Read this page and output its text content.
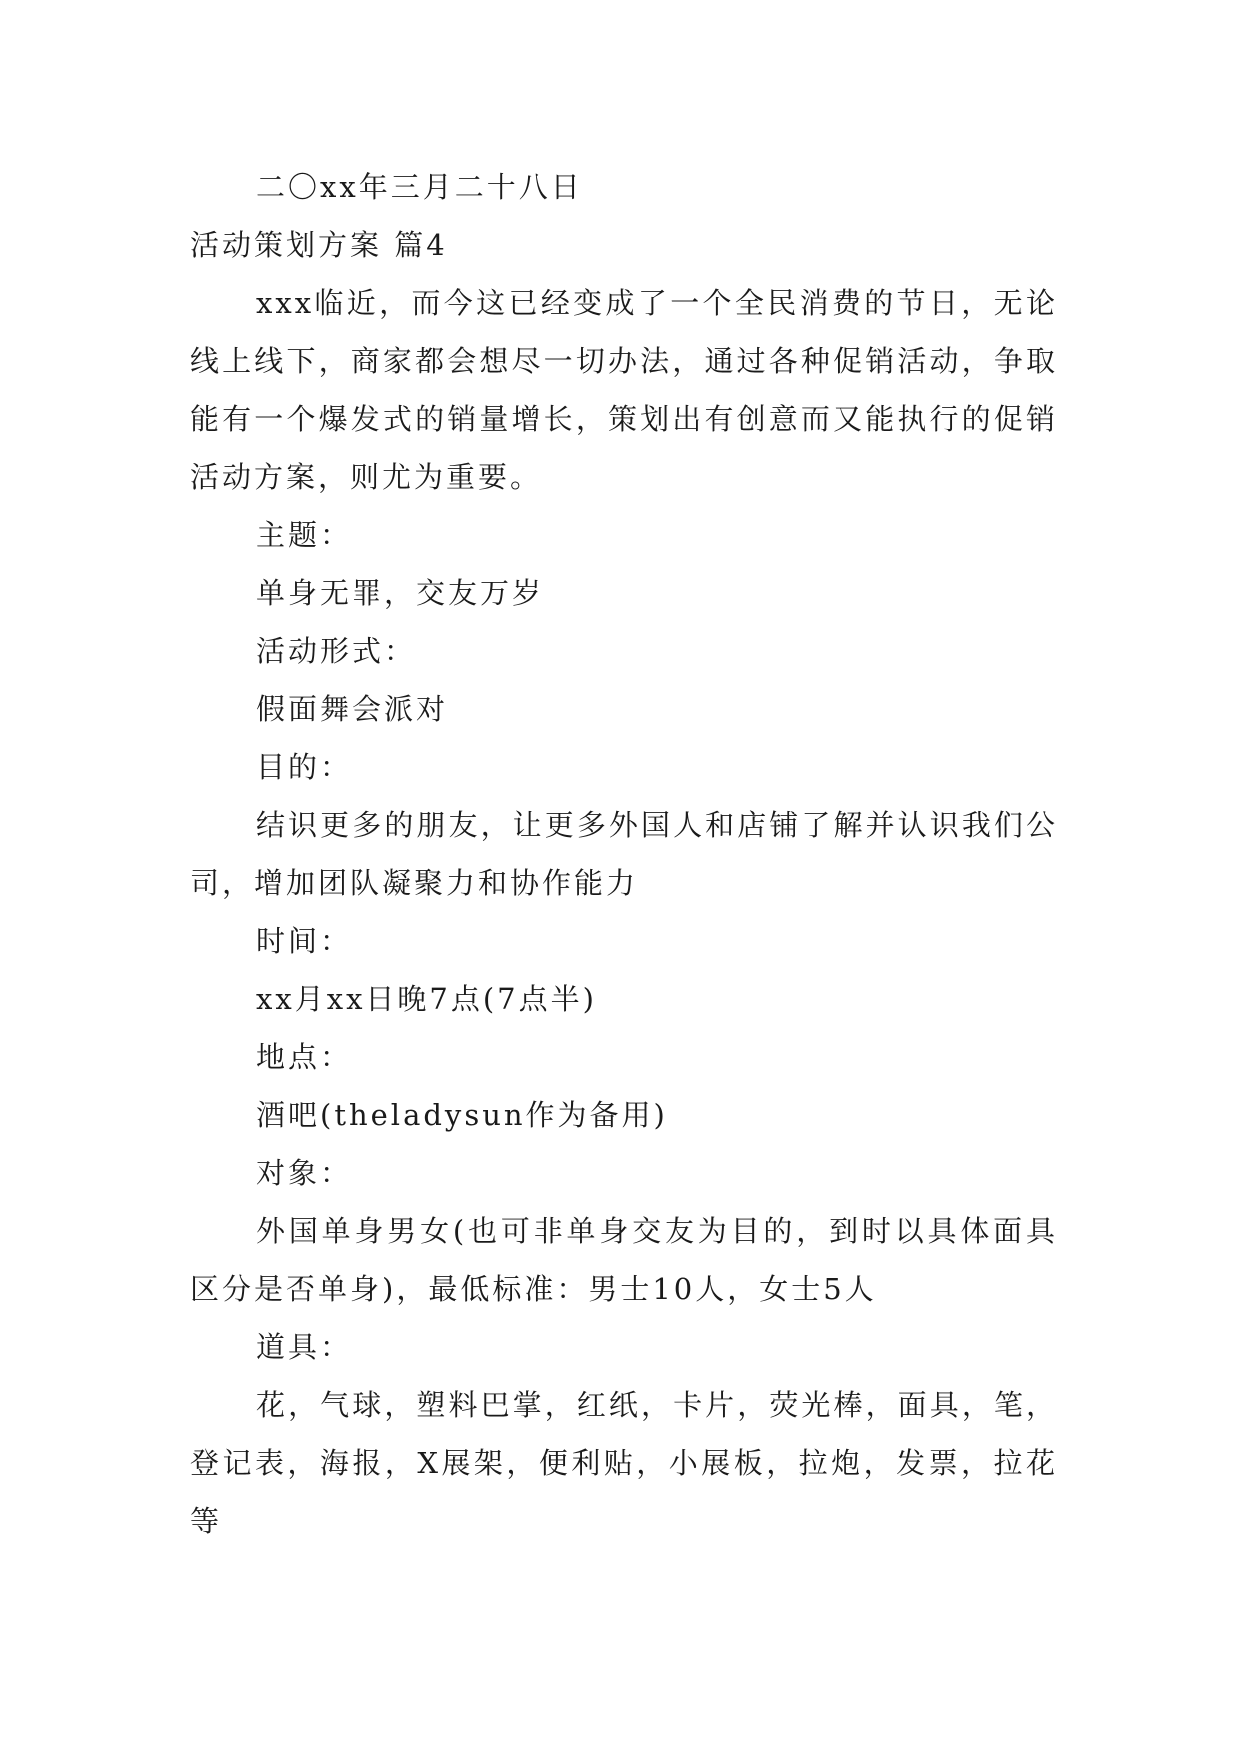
二〇xx年三月二十八日
活动策划方案 篇4
xxx临近，而今这已经变成了一个全民消费的节日，无论线上线下，商家都会想尽一切办法，通过各种促销活动，争取能有一个爆发式的销量增长，策划出有创意而又能执行的促销活动方案，则尤为重要。
主题：
单身无罪，交友万岁
活动形式：
假面舞会派对
目的：
结识更多的朋友，让更多外国人和店铺了解并认识我们公司，增加团队凝聚力和协作能力
时间：
xx月xx日晚7点(7点半)
地点：
酒吧(theladysun作为备用)
对象：
外国单身男女(也可非单身交友为目的，到时以具体面具区分是否单身)，最低标准：男士10人，女士5人
道具：
花，气球，塑料巴掌，红纸，卡片，荧光棒，面具，笔，登记表，海报，X展架，便利贴，小展板，拉炮，发票，拉花等
